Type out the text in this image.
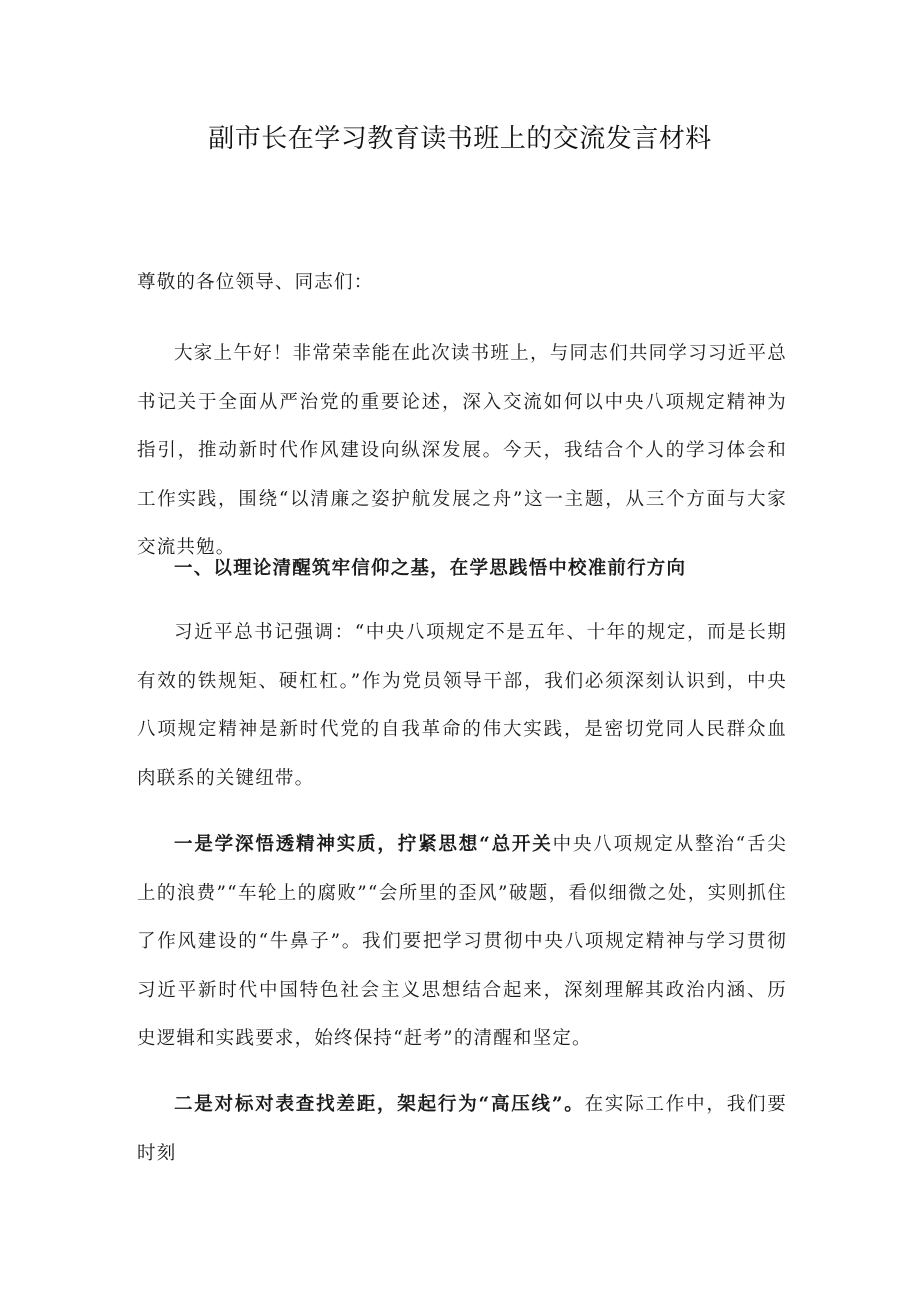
副市长在学习教育读书班上的交流发言材料

尊敬的各位领导、同志们：

大家上午好！非常荣幸能在此次读书班上，与同志们共同学习习近平总书记关于全面从严治党的重要论述，深入交流如何以中央八项规定精神为指引，推动新时代作风建设向纵深发展。今天，我结合个人的学习体会和工作实践，围绕“以清廉之姿护航发展之舟”这一主题，从三个方面与大家交流共勉。

一、以理论清醒筑牢信仰之基，在学思践悟中校准前行方向

习近平总书记强调：“中央八项规定不是五年、十年的规定，而是长期有效的铁规矩、硬杠杠。”作为党员领导干部，我们必须深刻认识到，中央八项规定精神是新时代党的自我革命的伟大实践，是密切党同人民群众血肉联系的关键纽带。

一是学深悟透精神实质，拧紧思想“总开关中央八项规定从整治“舌尖上的浪费”“车轮上的腐败”“会所里的歪风”破题，看似细微之处，实则抓住了作风建设的“牛鼻子”。我们要把学习贯彻中央八项规定精神与学习贯彻习近平新时代中国特色社会主义思想结合起来，深刻理解其政治内涵、历史逻辑和实践要求，始终保持“赶考”的清醒和坚定。

二是对标对表查找差距，架起行为“高压线”。在实际工作中，我们要时刻
